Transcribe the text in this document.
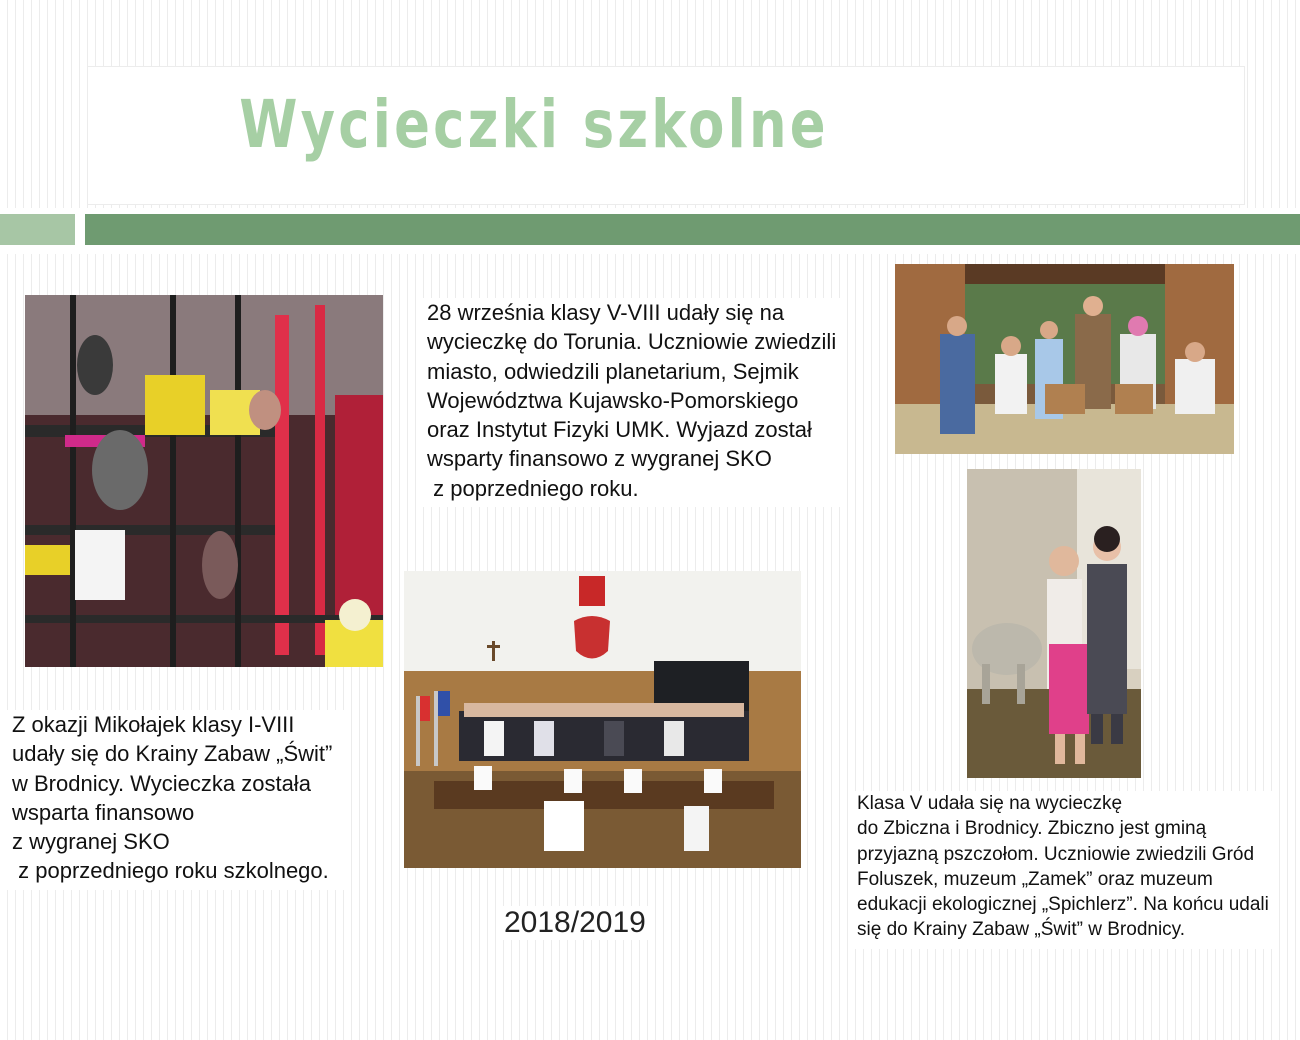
Wycieczki szkolne
28 września klasy V-VIII udały się na wycieczkę do Torunia. Uczniowie zwiedzili miasto, odwiedzili planetarium, Sejmik Województwa Kujawsko-Pomorskiego oraz Instytut Fizyki UMK. Wyjazd został wsparty finansowo z wygranej SKO
z poprzedniego roku.
Z okazji Mikołajek klasy I-VIII udały się do Krainy Zabaw „Świt” w Brodnicy. Wycieczka została wsparta finansowo
z wygranej SKO
z poprzedniego roku szkolnego.
Klasa V udała się na wycieczkę
do Zbiczna i Brodnicy. Zbiczno jest gminą przyjazną pszczołom. Uczniowie zwiedzili Gród Foluszek, muzeum „Zamek” oraz muzeum edukacji ekologicznej „Spichlerz”. Na końcu udali się do Krainy Zabaw „Świt” w Brodnicy.
2018/2019
